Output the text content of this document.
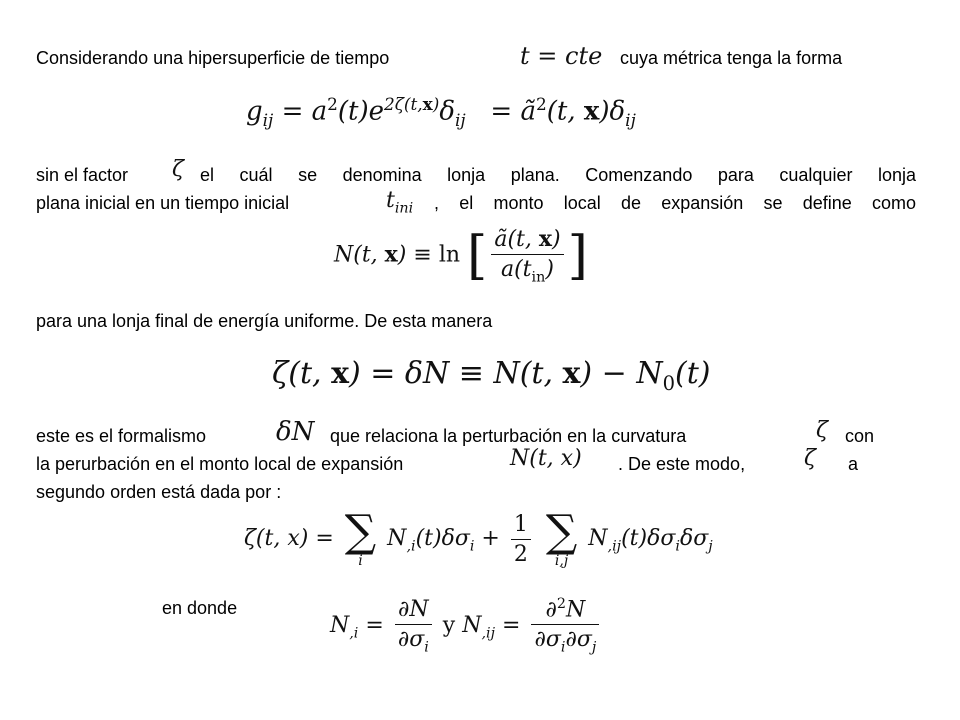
Considerando una hipersuperficie de tiempo	t = cte cuya métrica tenga la forma
$g_{ij} = a^2(t)e^{2\zeta(t,x)}\delta_{ij}$ = $ã^2(t$, $x)\delta_{ij}$
sin el factor ζ el cuál se denomina lonja plana. Comenzando para cualquier lonja
plana inicial en un tiempo inicial	$t_{ini}$ , el monto local de expansión se define como
N(t, x) ≡ ln [ $\frac{ã(t, x)}{a(t_{in})}$ ]
para una lonja final de energía uniforme. De esta manera
ζ(t, x) = δN ≡ N(t, $x) - N_0(t)$
este es el formalismo	δN que relaciona la perturbación en la curvatura	ζ con
la perurbación en el monto local de expansión	N(t, x) . De este modo,	ζ a
segundo orden está dada por :
ζ(t, x) = ∑
i
$N_{,i}(t)\delta\sigma_i + \frac{1}{2}$
∑
i,j
$N_{,ij}(t)\delta\sigma_i\delta\sigma_j$
en donde
$N_{,i} = \frac{\partial N}{\partial\sigma_i}$ y $N_{,ij} = \frac{\partial^2N}{\partial\sigma_i\partial\sigma_j}$
